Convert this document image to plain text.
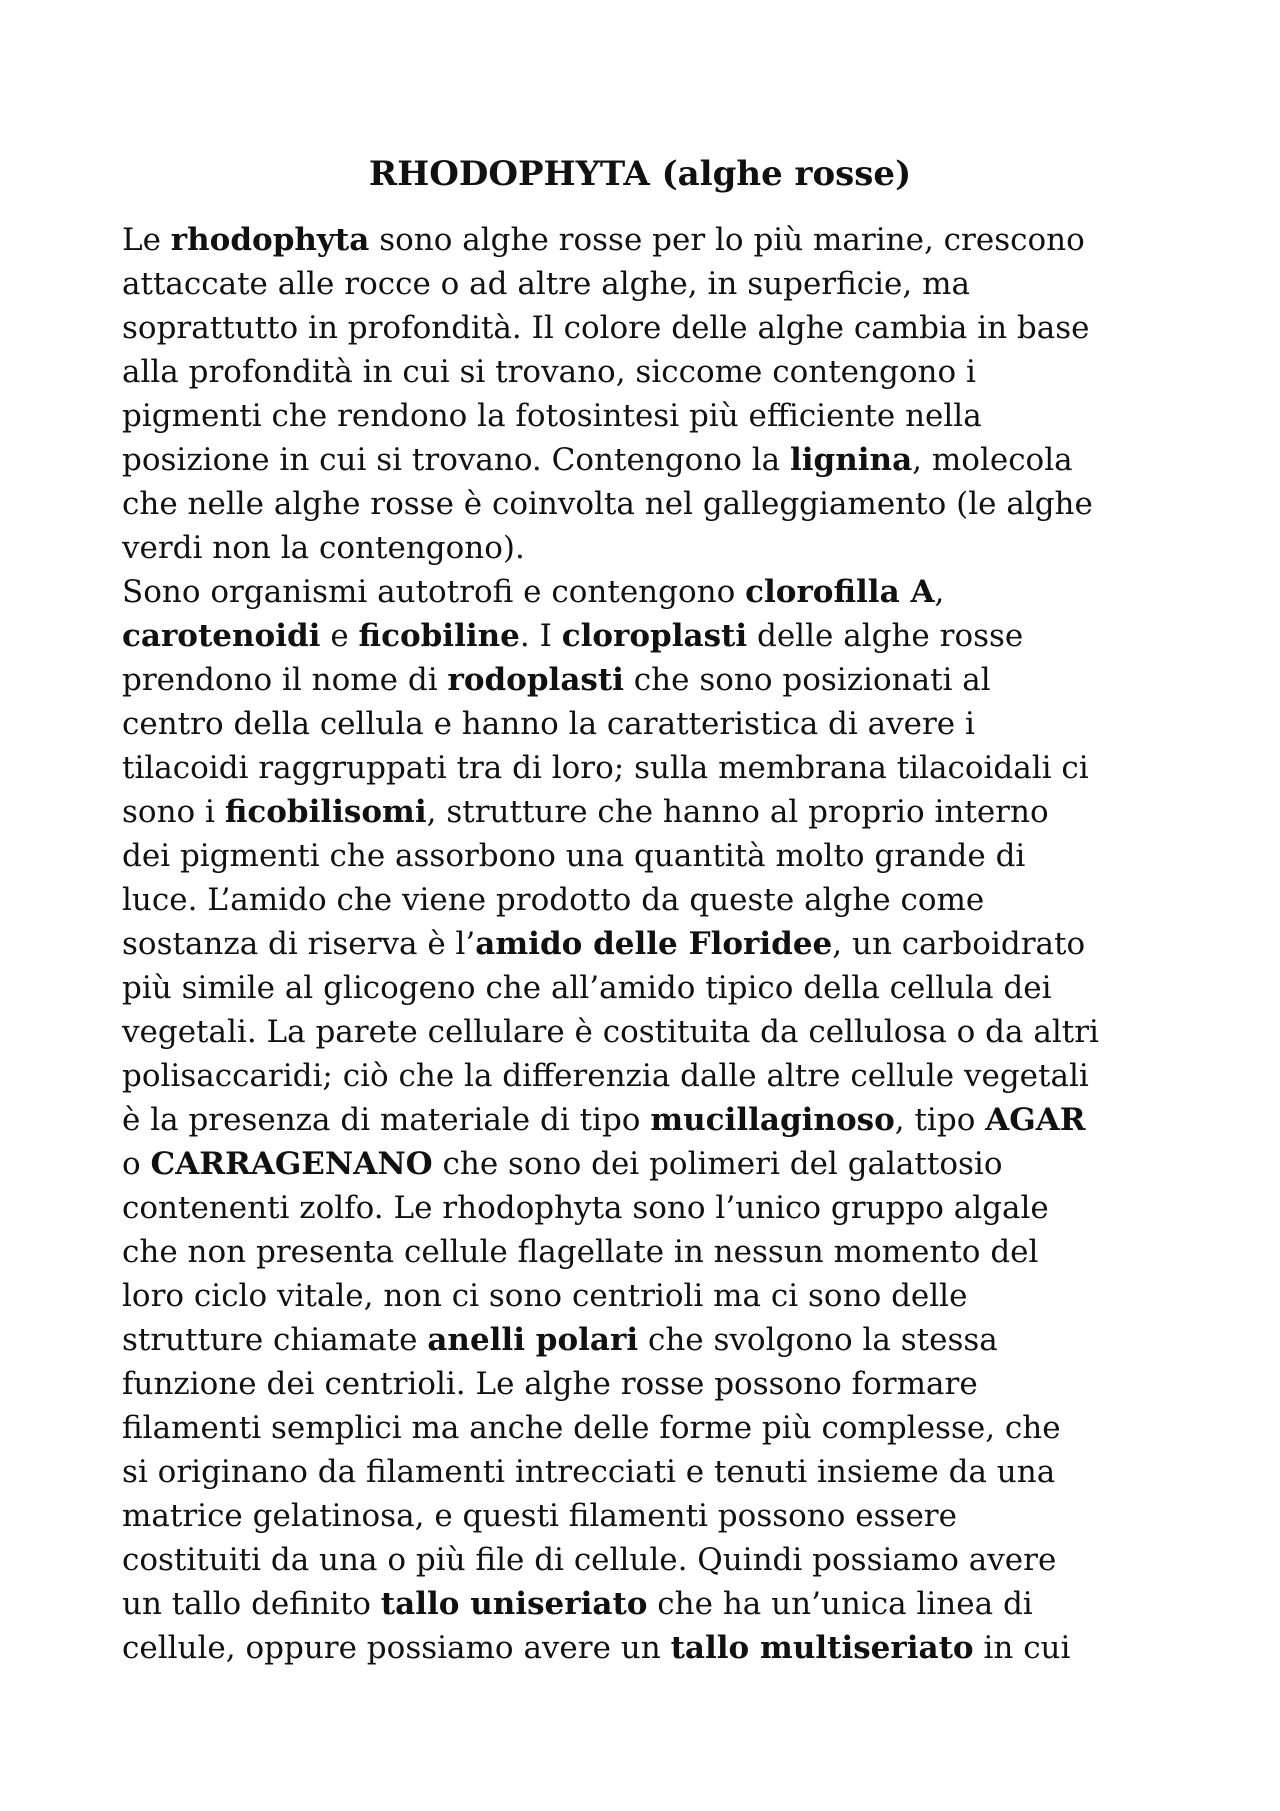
RHODOPHYTA (alghe rosse)
Le rhodophyta sono alghe rosse per lo più marine, crescono
attaccate alle rocce o ad altre alghe, in superficie, ma
soprattutto in profondità. Il colore delle alghe cambia in base
alla profondità in cui si trovano, siccome contengono i
pigmenti che rendono la fotosintesi più efficiente nella
posizione in cui si trovano. Contengono la lignina, molecola
che nelle alghe rosse è coinvolta nel galleggiamento (le alghe
verdi non la contengono).
Sono organismi autotrofi e contengono clorofilla A,
carotenoidi e ficobiline. I cloroplasti delle alghe rosse
prendono il nome di rodoplasti che sono posizionati al
centro della cellula e hanno la caratteristica di avere i
tilacoidi raggruppati tra di loro; sulla membrana tilacoidali ci
sono i ficobilisomi, strutture che hanno al proprio interno
dei pigmenti che assorbono una quantità molto grande di
luce. L’amido che viene prodotto da queste alghe come
sostanza di riserva è l’amido delle Floridee, un carboidrato
più simile al glicogeno che all’amido tipico della cellula dei
vegetali. La parete cellulare è costituita da cellulosa o da altri
polisaccaridi; ciò che la differenzia dalle altre cellule vegetali
è la presenza di materiale di tipo mucillaginoso, tipo AGAR
o CARRAGENANO che sono dei polimeri del galattosio
contenenti zolfo. Le rhodophyta sono l’unico gruppo algale
che non presenta cellule flagellate in nessun momento del
loro ciclo vitale, non ci sono centrioli ma ci sono delle
strutture chiamate anelli polari che svolgono la stessa
funzione dei centrioli. Le alghe rosse possono formare
filamenti semplici ma anche delle forme più complesse, che
si originano da filamenti intrecciati e tenuti insieme da una
matrice gelatinosa, e questi filamenti possono essere
costituiti da una o più file di cellule. Quindi possiamo avere
un tallo definito tallo uniseriato che ha un’unica linea di
cellule, oppure possiamo avere un tallo multiseriato in cui
